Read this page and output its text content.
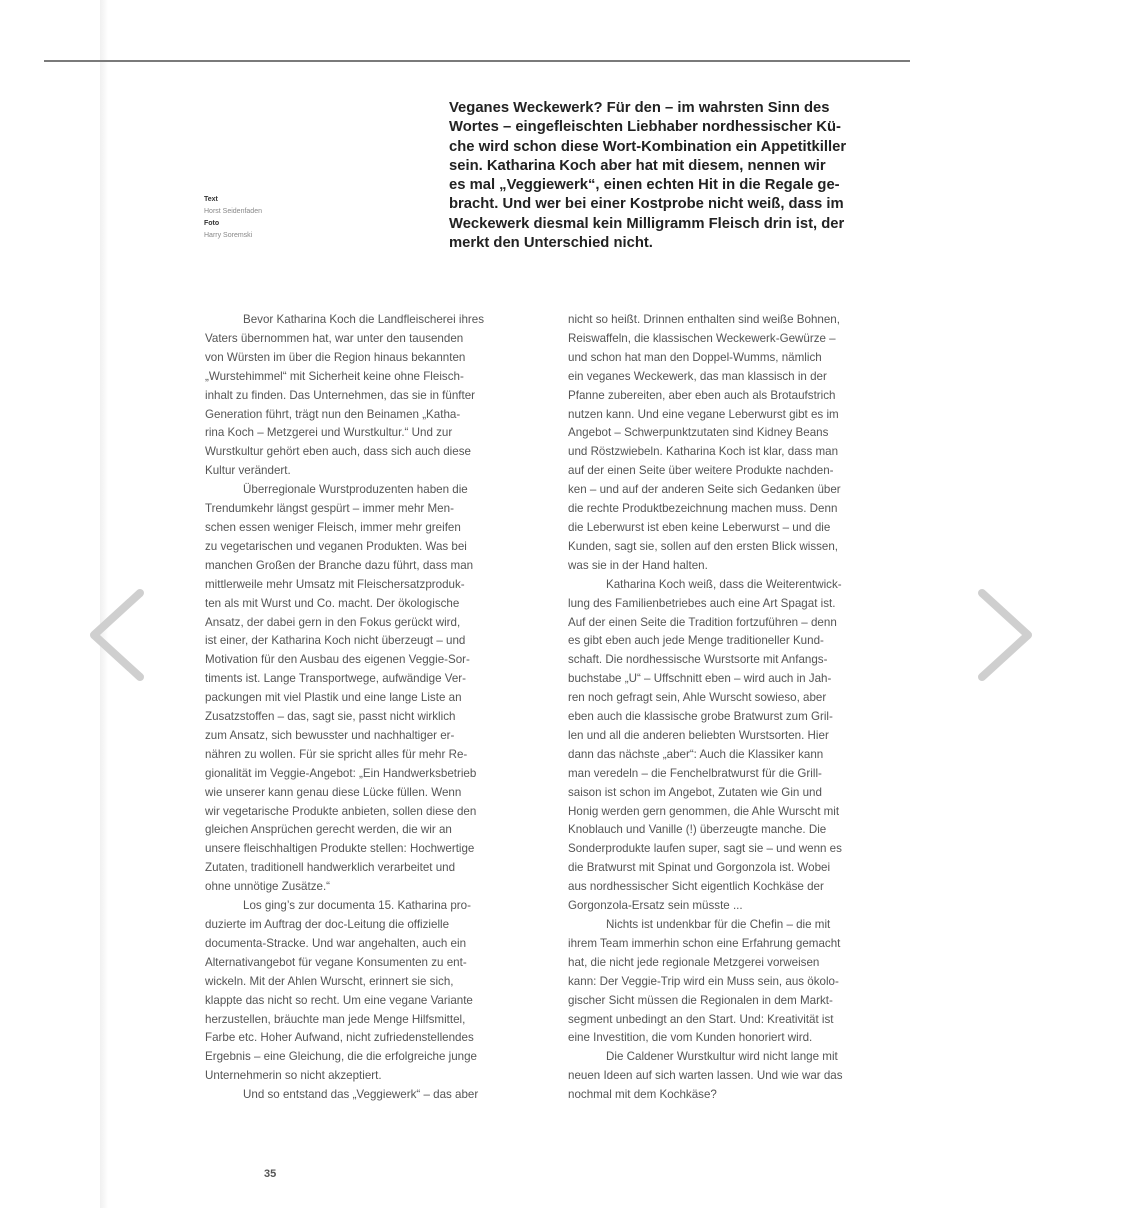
Text
Horst Seidenfaden
Foto
Harry Soremski

Veganes Weckewerk? Für den – im wahrsten Sinn des
Wortes – eingefleischten Liebhaber nordhessischer Kü-
che wird schon diese Wort-Kombination ein Appetitkiller
sein. Katharina Koch aber hat mit diesem, nennen wir
es mal „Veggiewerk“, einen echten Hit in die Regale ge-
bracht. Und wer bei einer Kostprobe nicht weiß, dass im
Weckewerk diesmal kein Milligramm Fleisch drin ist, der
merkt den Unterschied nicht.

Bevor Katharina Koch die Landfleischerei ihres
Vaters übernommen hat, war unter den tausenden
von Würsten im über die Region hinaus bekannten
„Wurstehimmel“ mit Sicherheit keine ohne Fleisch-
inhalt zu finden. Das Unternehmen, das sie in fünfter
Generation führt, trägt nun den Beinamen „Katha-
rina Koch – Metzgerei und Wurstkultur.“ Und zur
Wurstkultur gehört eben auch, dass sich auch diese
Kultur verändert.
Überregionale Wurstproduzenten haben die
Trendumkehr längst gespürt – immer mehr Men-
schen essen weniger Fleisch, immer mehr greifen
zu vegetarischen und veganen Produkten. Was bei
manchen Großen der Branche dazu führt, dass man
mittlerweile mehr Umsatz mit Fleischersatzproduk-
ten als mit Wurst und Co. macht. Der ökologische
Ansatz, der dabei gern in den Fokus gerückt wird,
ist einer, der Katharina Koch nicht überzeugt – und
Motivation für den Ausbau des eigenen Veggie-Sor-
timents ist. Lange Transportwege, aufwändige Ver-
packungen mit viel Plastik und eine lange Liste an
Zusatzstoffen – das, sagt sie, passt nicht wirklich
zum Ansatz, sich bewusster und nachhaltiger er-
nähren zu wollen. Für sie spricht alles für mehr Re-
gionalität im Veggie-Angebot: „Ein Handwerksbetrieb
wie unserer kann genau diese Lücke füllen. Wenn
wir vegetarische Produkte anbieten, sollen diese den
gleichen Ansprüchen gerecht werden, die wir an
unsere fleischhaltigen Produkte stellen: Hochwertige
Zutaten, traditionell handwerklich verarbeitet und
ohne unnötige Zusätze.“
Los ging’s zur documenta 15. Katharina pro-
duzierte im Auftrag der doc-Leitung die offizielle
documenta-Stracke. Und war angehalten, auch ein
Alternativangebot für vegane Konsumenten zu ent-
wickeln. Mit der Ahlen Wurscht, erinnert sie sich,
klappte das nicht so recht. Um eine vegane Variante
herzustellen, bräuchte man jede Menge Hilfsmittel,
Farbe etc. Hoher Aufwand, nicht zufriedenstellendes
Ergebnis – eine Gleichung, die die erfolgreiche junge
Unternehmerin so nicht akzeptiert.
Und so entstand das „Veggiewerk“ – das aber
nicht so heißt. Drinnen enthalten sind weiße Bohnen,
Reiswaffeln, die klassischen Weckewerk-Gewürze –
und schon hat man den Doppel-Wumms, nämlich
ein veganes Weckewerk, das man klassisch in der
Pfanne zubereiten, aber eben auch als Brotaufstrich
nutzen kann. Und eine vegane Leberwurst gibt es im
Angebot – Schwerpunktzutaten sind Kidney Beans
und Röstzwiebeln. Katharina Koch ist klar, dass man
auf der einen Seite über weitere Produkte nachden-
ken – und auf der anderen Seite sich Gedanken über
die rechte Produktbezeichnung machen muss. Denn
die Leberwurst ist eben keine Leberwurst – und die
Kunden, sagt sie, sollen auf den ersten Blick wissen,
was sie in der Hand halten.
Katharina Koch weiß, dass die Weiterentwick-
lung des Familienbetriebes auch eine Art Spagat ist.
Auf der einen Seite die Tradition fortzuführen – denn
es gibt eben auch jede Menge traditioneller Kund-
schaft. Die nordhessische Wurstsorte mit Anfangs-
buchstabe „U“ – Uffschnitt eben – wird auch in Jah-
ren noch gefragt sein, Ahle Wurscht sowieso, aber
eben auch die klassische grobe Bratwurst zum Gril-
len und all die anderen beliebten Wurstsorten. Hier
dann das nächste „aber“: Auch die Klassiker kann
man veredeln – die Fenchelbratwurst für die Grill-
saison ist schon im Angebot, Zutaten wie Gin und
Honig werden gern genommen, die Ahle Wurscht mit
Knoblauch und Vanille (!) überzeugte manche. Die
Sonderprodukte laufen super, sagt sie – und wenn es
die Bratwurst mit Spinat und Gorgonzola ist. Wobei
aus nordhessischer Sicht eigentlich Kochkäse der
Gorgonzola-Ersatz sein müsste ...
Nichts ist undenkbar für die Chefin – die mit
ihrem Team immerhin schon eine Erfahrung gemacht
hat, die nicht jede regionale Metzgerei vorweisen
kann: Der Veggie-Trip wird ein Muss sein, aus ökolo-
gischer Sicht müssen die Regionalen in dem Markt-
segment unbedingt an den Start. Und: Kreativität ist
eine Investition, die vom Kunden honoriert wird.
Die Caldener Wurstkultur wird nicht lange mit
neuen Ideen auf sich warten lassen. Und wie war das
nochmal mit dem Kochkäse?
35
